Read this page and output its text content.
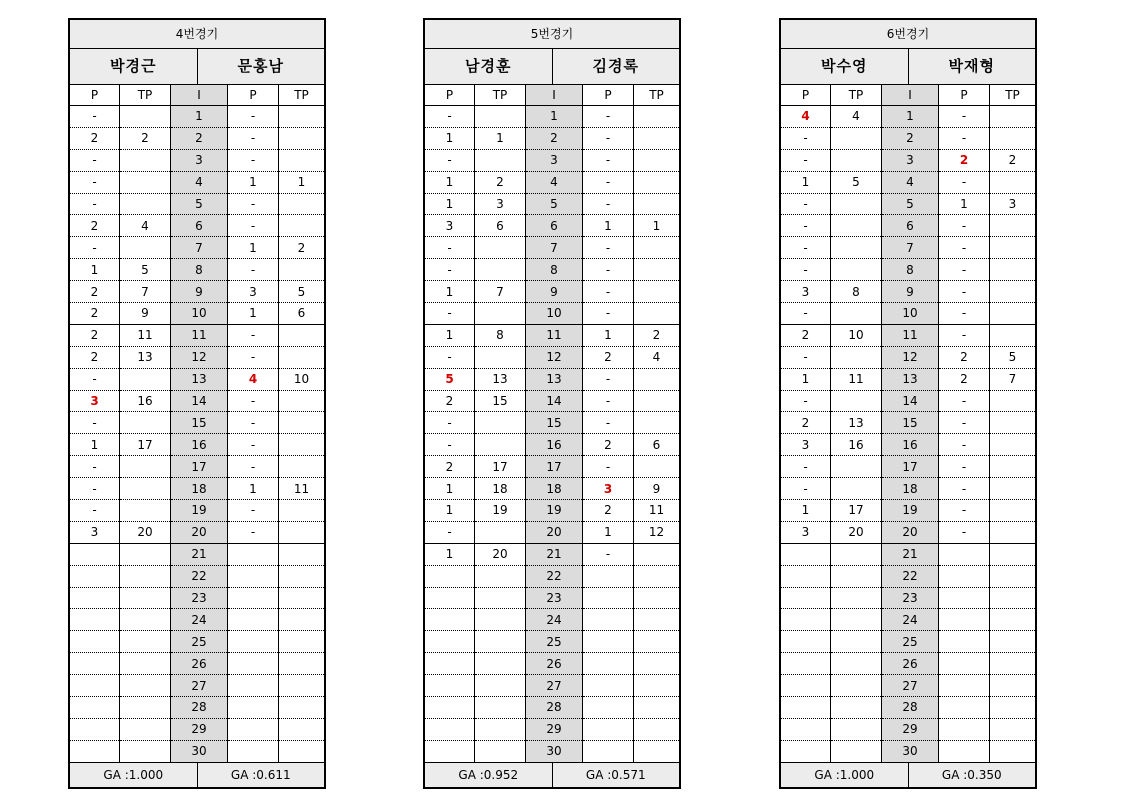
4번경기
박경근	문홍남
P	TP	I	P	TP
-		1	-	
2	2	2	-	
-		3	-	
-		4	1	1
-		5	-	
2	4	6	-	
-		7	1	2
1	5	8	-	
2	7	9	3	5
2	9	10	1	6
2	11	11	-	
2	13	12	-	
-		13	4	10
3	16	14	-	
-		15	-	
1	17	16	-	
-		17	-	
-		18	1	11
-		19	-	
3	20	20	-	
		21		
		22		
		23		
		24		
		25		
		26		
		27		
		28		
		29		
		30		
GA :1.000	GA :0.611
5번경기
남경훈	김경록
P	TP	I	P	TP
-		1	-	
1	1	2	-	
-		3	-	
1	2	4	-	
1	3	5	-	
3	6	6	1	1
-		7	-	
-		8	-	
1	7	9	-	
-		10	-	
1	8	11	1	2
-		12	2	4
5	13	13	-	
2	15	14	-	
-		15	-	
-		16	2	6
2	17	17	-	
1	18	18	3	9
1	19	19	2	11
-		20	1	12
1	20	21	-	
		22		
		23		
		24		
		25		
		26		
		27		
		28		
		29		
		30		
GA :0.952	GA :0.571
6번경기
박수영	박재형
P	TP	I	P	TP
4	4	1	-	
-		2	-	
-		3	2	2
1	5	4	-	
-		5	1	3
-		6	-	
-		7	-	
-		8	-	
3	8	9	-	
-		10	-	
2	10	11	-	
-		12	2	5
1	11	13	2	7
-		14	-	
2	13	15	-	
3	16	16	-	
-		17	-	
-		18	-	
1	17	19	-	
3	20	20	-	
		21		
		22		
		23		
		24		
		25		
		26		
		27		
		28		
		29		
		30		
GA :1.000	GA :0.350
